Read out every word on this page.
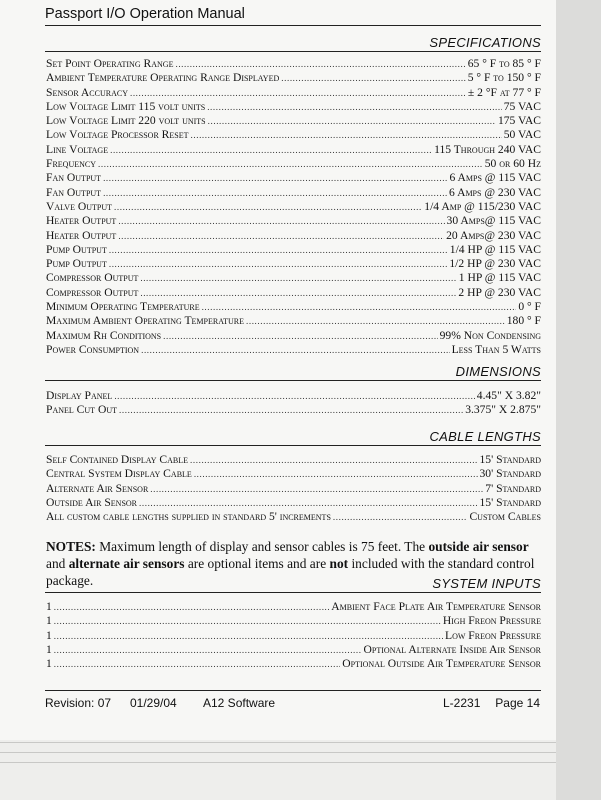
Passport I/O Operation Manual
SPECIFICATIONS
Set Point Operating Range .....	65 ° F to 85 ° F
Ambient Temperature Operating Range Displayed .....	5 ° F to 150 ° F
Sensor Accuracy .....	± 2 °F at 77 ° F
Low Voltage Limit 115 volt units .....	75 VAC
Low Voltage Limit 220 volt units .....	175 VAC
Low Voltage Processor Reset .....	50 VAC
Line Voltage .....	115 Through 240 VAC
Frequency .....	50 or 60 Hz
Fan Output .....	6 Amps @ 115 VAC
Fan Output .....	6 Amps @ 230 VAC
Valve Output .....	1/4 Amp @ 115/230 VAC
Heater Output .....	30 Amps@ 115 VAC
Heater Output .....	20 Amps@ 230 VAC
Pump Output .....	1/4 HP @ 115 VAC
Pump Output .....	1/2 HP @ 230 VAC
Compressor Output .....	1 HP @ 115 VAC
Compressor Output .....	2 HP @ 230 VAC
Minimum Operating Temperature .....	0 ° F
Maximum Ambient Operating Temperature .....	180 ° F
Maximum Rh Conditions .....	99% Non Condensing
Power Consumption .....	Less Than 5 Watts
DIMENSIONS
Display Panel .....	4.45" X 3.82"
Panel Cut Out .....	3.375" X 2.875"
CABLE LENGTHS
Self Contained Display Cable .....	15' Standard
Central System Display Cable .....	30' Standard
Alternate Air Sensor .....	7' Standard
Outside Air Sensor .....	15' Standard
All custom cable lengths supplied in standard 5' increments .....	Custom Cables
NOTES: Maximum length of display and sensor cables is 75 feet. The outside air sensor and alternate air sensors are optional items and are not included with the standard control package.	SYSTEM INPUTS
1 .....	Ambient Face Plate Air Temperature Sensor
1 .....	High Freon Pressure
1 .....	Low Freon Pressure
1 .....	Optional Alternate Inside Air Sensor
1 .....	Optional Outside Air Temperature Sensor
Revision: 07 01/29/04 A12 Software	L-2231 Page 14
